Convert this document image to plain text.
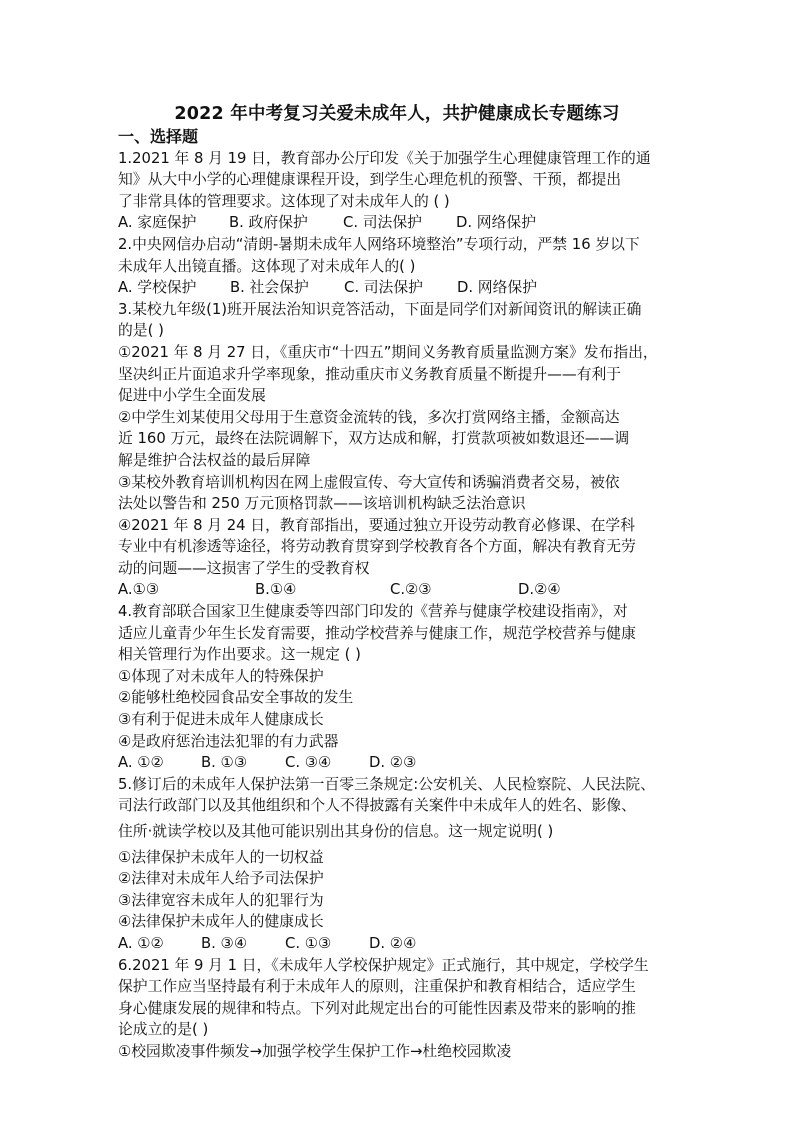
2022 年中考复习关爱未成年人，共护健康成长专题练习
一、选择题
1.2021 年 8 月 19 日，教育部办公厅印发《关于加强学生心理健康管理工作的通
知》从大中小学的心理健康课程开设，到学生心理危机的预警、干预，都提出
了非常具体的管理要求。这体现了对未成年人的 ( )
A. 家庭保护	B. 政府保护	C. 司法保护	D. 网络保护
2.中央网信办启动“清朗-暑期未成年人网络环境整治”专项行动，严禁 16 岁以下
未成年人出镜直播。这体现了对未成年人的( )
A. 学校保护	B. 社会保护	C. 司法保护	D. 网络保护
3.某校九年级(1)班开展法治知识竞答活动，下面是同学们对新闻资讯的解读正确
的是( )
①2021 年 8 月 27 日，《重庆市“十四五”期间义务教育质量监测方案》发布指出，
坚决纠正片面追求升学率现象，推动重庆市义务教育质量不断提升——有利于
促进中小学生全面发展
②中学生刘某使用父母用于生意资金流转的钱，多次打赏网络主播，金额高达
近 160 万元，最终在法院调解下，双方达成和解，打赏款项被如数退还——调
解是维护合法权益的最后屏障
③某校外教育培训机构因在网上虚假宣传、夸大宣传和诱骗消费者交易，被依
法处以警告和 250 万元顶格罚款——该培训机构缺乏法治意识
④2021 年 8 月 24 日，教育部指出，要通过独立开设劳动教育必修课、在学科
专业中有机渗透等途径，将劳动教育贯穿到学校教育各个方面，解决有教育无劳
动的问题——这损害了学生的受教育权
A.①③	B.①④	C.②③	D.②④
4.教育部联合国家卫生健康委等四部门印发的《营养与健康学校建设指南》，对
适应儿童青少年生长发育需要，推动学校营养与健康工作，规范学校营养与健康
相关管理行为作出要求。这一规定 ( )
①体现了对未成年人的特殊保护
②能够杜绝校园食品安全事故的发生
③有利于促进未成年人健康成长
④是政府惩治违法犯罪的有力武器
A. ①②	B. ①③	C. ③④	D. ②③
5.修订后的未成年人保护法第一百零三条规定:公安机关、人民检察院、人民法院、
司法行政部门以及其他组织和个人不得披露有关案件中未成年人的姓名、影像、
住所·就读学校以及其他可能识别出其身份的信息。这一规定说明( )
①法律保护未成年人的一切权益
②法律对未成年人给予司法保护
③法律宽容未成年人的犯罪行为
④法律保护未成年人的健康成长
A. ①②	B. ③④	C. ①③	D. ②④
6.2021 年 9 月 1 日，《未成年人学校保护规定》正式施行，其中规定，学校学生
保护工作应当坚持最有利于未成年人的原则，注重保护和教育相结合，适应学生
身心健康发展的规律和特点。下列对此规定出台的可能性因素及带来的影响的推
论成立的是( )
①校园欺凌事件频发→加强学校学生保护工作→杜绝校园欺凌
